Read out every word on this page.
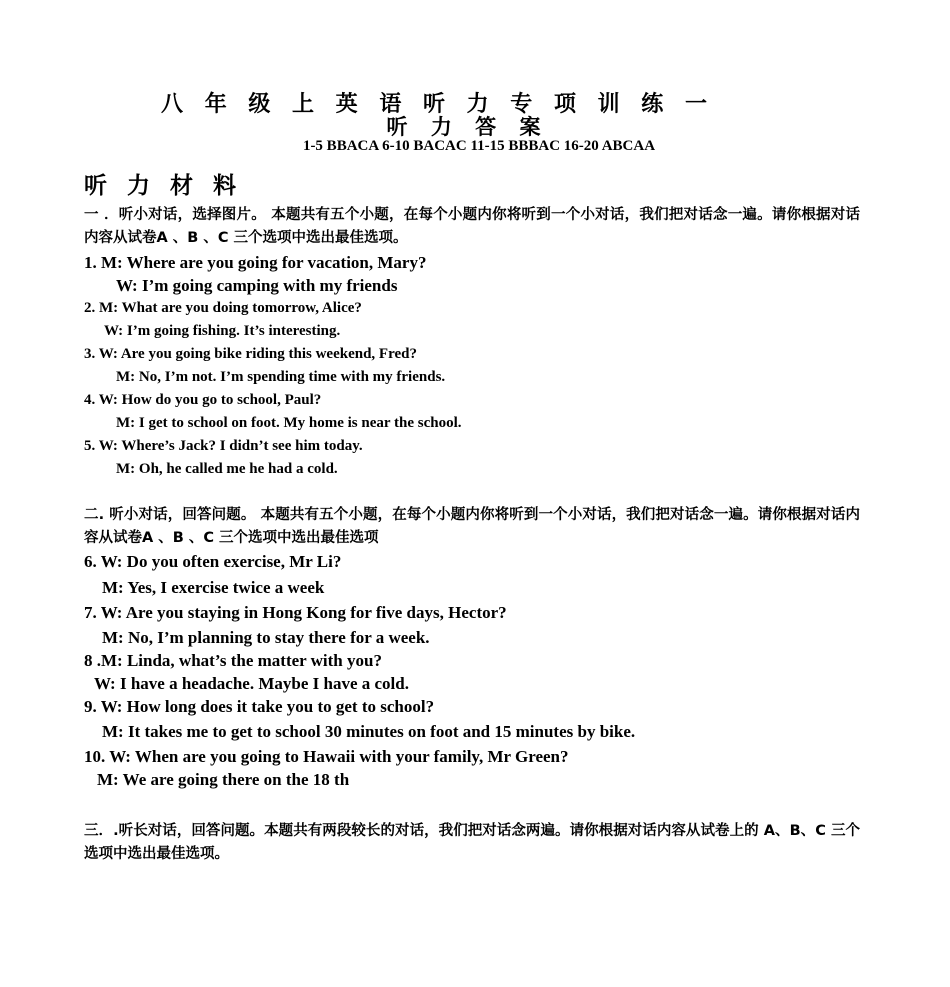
八 年 级 上 英 语 听 力 专 项 训 练 一
听 力 答 案
1-5 BBACA 6-10 BACAC 11-15 BBBAC 16-20 ABCAA
听 力 材 料
一 ．听小对话，选择图片。 本题共有五个小题，在每个小题内你将听到一个小对话，我们把对话念一遍。请你根据对话内容从试卷A 、B 、C 三个选项中选出最佳选项。
1. M: Where are you going for vacation, Mary?
W: I’m going camping with my friends
2. M: What are you doing tomorrow, Alice?
W: I’m going fishing. It’s interesting.
3. W: Are you going bike riding this weekend, Fred?
M: No, I’m not. I’m spending time with my friends.
4. W: How do you go to school, Paul?
M: I get to school on foot. My home is near the school.
5. W: Where’s Jack? I didn’t see him today.
M: Oh, he called me he had a cold.
二. 听小对话，回答问题。 本题共有五个小题，在每个小题内你将听到一个小对话，我们把对话念一遍。请你根据对话内容从试卷A 、B 、C 三个选项中选出最佳选项
6. W: Do you often exercise, Mr Li?
M: Yes, I exercise twice a week
7. W: Are you staying in Hong Kong for five days, Hector?
M: No, I’m planning to stay there for a week.
8 .M: Linda, what’s the matter with you?
W: I have a headache. Maybe I have a cold.
9. W: How long does it take you to get to school?
M: It takes me to get to school 30 minutes on foot and 15 minutes by bike.
10. W: When are you going to Hawaii with your family, Mr Green?
M: We are going there on the 18 th
三．.听长对话，回答问题。本题共有两段较长的对话，我们把对话念两遍。请你根据对话内容从试卷上的 A、B、C 三个选项中选出最佳选项。
